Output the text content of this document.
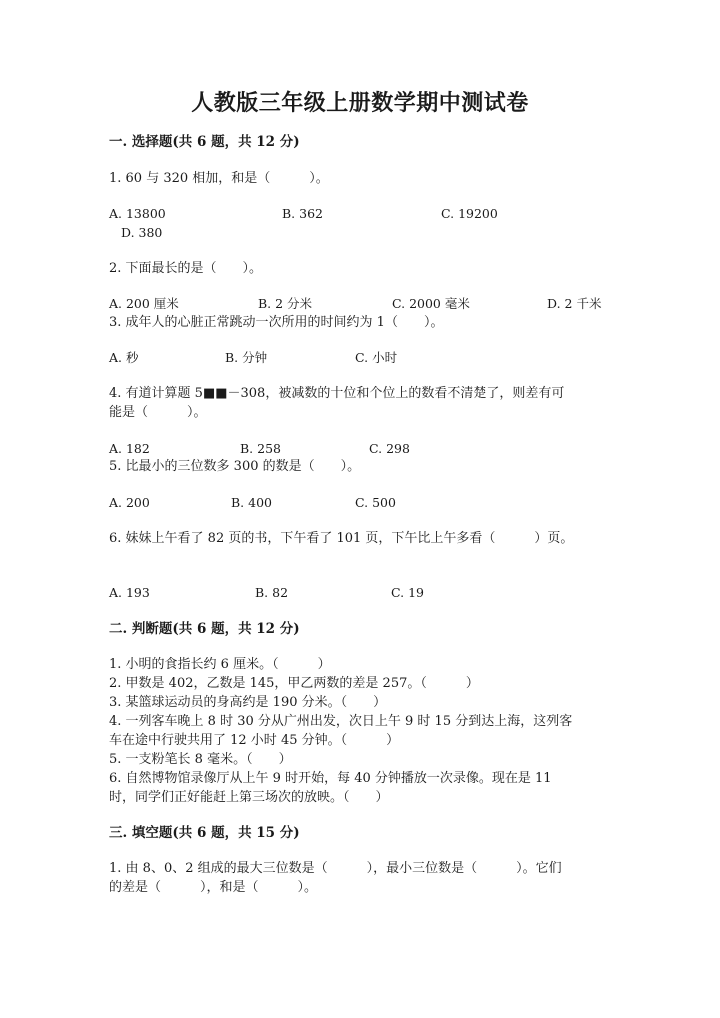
人教版三年级上册数学期中测试卷
一. 选择题(共 6 题，共 12 分)
1. 60 与 320 相加，和是（　　　）。
A. 13800	B. 362	C. 19200
D. 380
2. 下面最长的是（　　）。
A. 200 厘米	B. 2 分米	C. 2000 毫米	D. 2 千米
3. 成年人的心脏正常跳动一次所用的时间约为 1（　　）。
A. 秒	B. 分钟	C. 小时
4. 有道计算题 5■■－308，被减数的十位和个位上的数看不清楚了，则差有可
能是（　　　）。
A. 182	B. 258	C. 298
5. 比最小的三位数多 300 的数是（　　）。
A. 200	B. 400	C. 500
6. 妹妹上午看了 82 页的书，下午看了 101 页，下午比上午多看（　　　）页。
A. 193	B. 82	C. 19
二. 判断题(共 6 题，共 12 分)
1. 小明的食指长约 6 厘米。（　　　）
2. 甲数是 402，乙数是 145，甲乙两数的差是 257。（　　　）
3. 某篮球运动员的身高约是 190 分米。（　　）
4. 一列客车晚上 8 时 30 分从广州出发，次日上午 9 时 15 分到达上海，这列客
车在途中行驶共用了 12 小时 45 分钟。（　　　）
5. 一支粉笔长 8 毫米。（　　）
6. 自然博物馆录像厅从上午 9 时开始，每 40 分钟播放一次录像。现在是 11
时，同学们正好能赶上第三场次的放映。（　　）
三. 填空题(共 6 题，共 15 分)
1. 由 8、0、2 组成的最大三位数是（　　　），最小三位数是（　　　）。它们
的差是（　　　），和是（　　　）。
